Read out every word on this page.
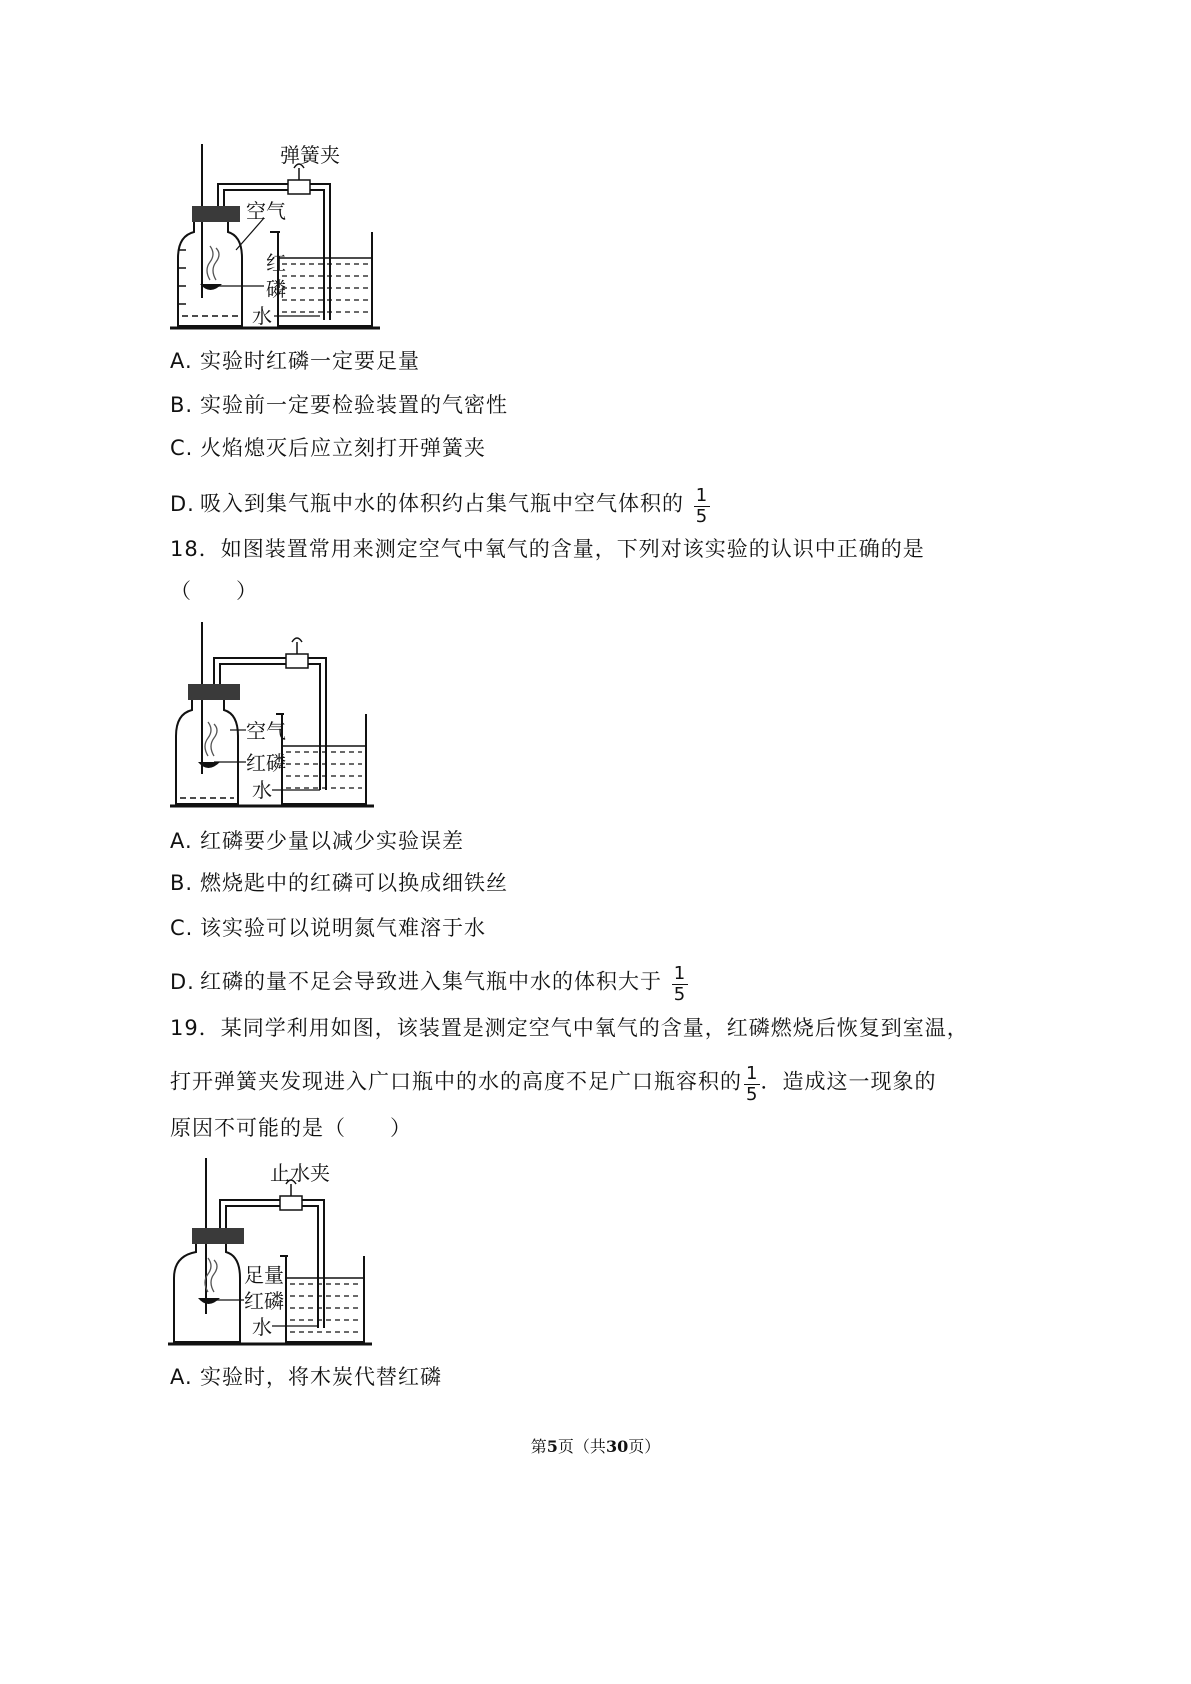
弹簧夹
空气
红
磷
水
A. 实验时红磷一定要足量
B. 实验前一定要检验装置的气密性
C. 火焰熄灭后应立刻打开弹簧夹
D. 吸入到集气瓶中水的体积约占集气瓶中空气体积的 $\frac{1}{5}$
18．如图装置常用来测定空气中氧气的含量，下列对该实验的认识中正确的是
（　　）
空气
红磷
水
A. 红磷要少量以减少实验误差
B. 燃烧匙中的红磷可以换成细铁丝
C. 该实验可以说明氮气难溶于水
D. 红磷的量不足会导致进入集气瓶中水的体积大于 $\frac{1}{5}$
19．某同学利用如图，该装置是测定空气中氧气的含量，红磷燃烧后恢复到室温，
打开弹簧夹发现进入广口瓶中的水的高度不足广口瓶容积的 $\frac{1}{5}$ ．造成这一现象的
原因不可能的是（　　）
止水夹
足量
红磷
水
A. 实验时，将木炭代替红磷
第5页（共30页）
